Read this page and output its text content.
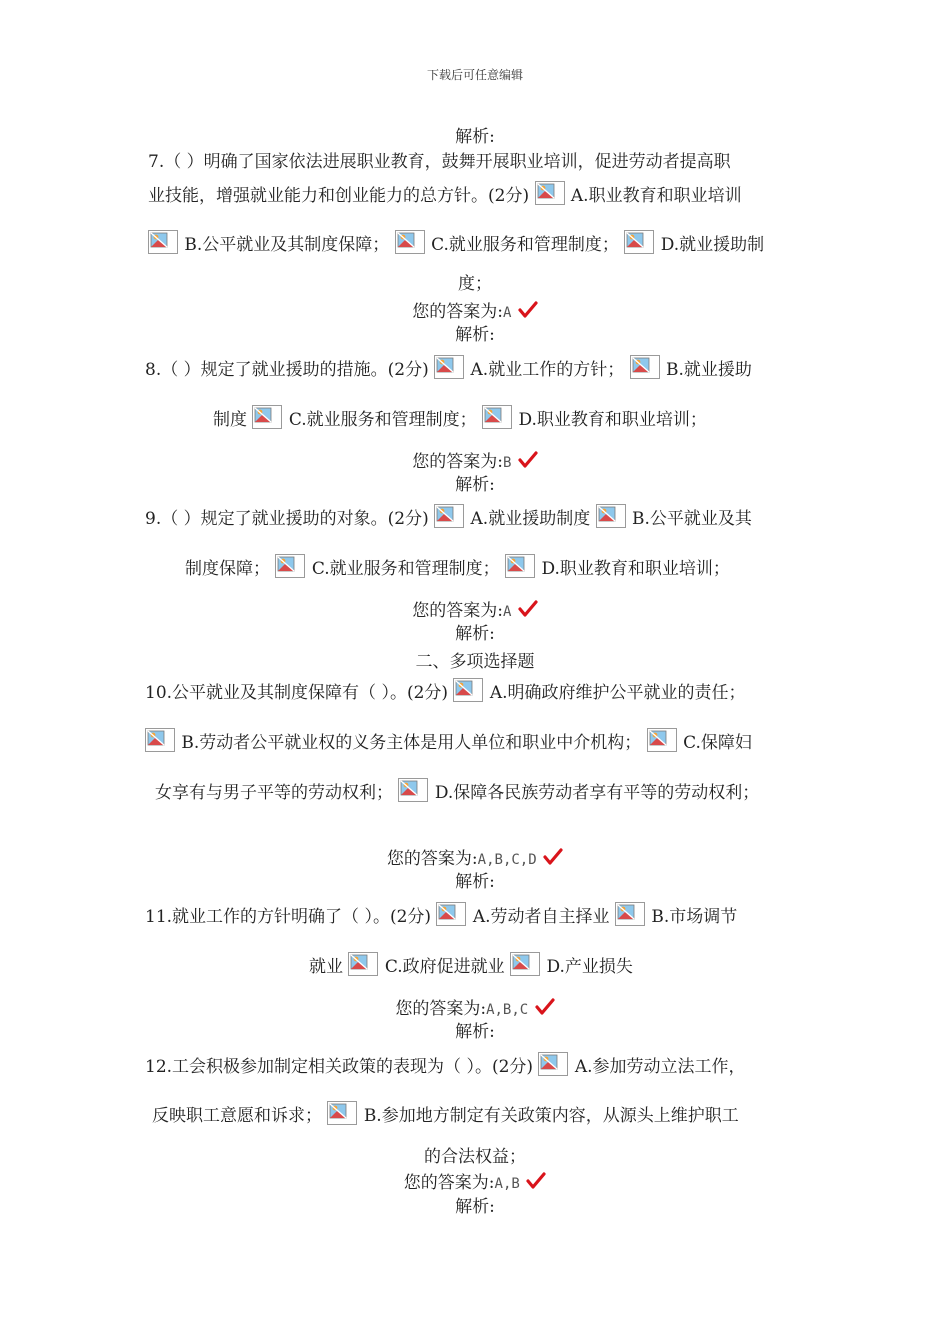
下载后可任意编辑
解析:
7.（ ）明确了国家依法进展职业教育，鼓舞开展职业培训，促进劳动者提高职
业技能，增强就业能力和创业能力的总方针。(2分) A.职业教育和职业培训
B.公平就业及其制度保障； C.就业服务和管理制度； D.就业援助制
度；
您的答案为:A
解析:
8.（ ）规定了就业援助的措施。(2分) A.就业工作的方针； B.就业援助
制度 C.就业服务和管理制度； D.职业教育和职业培训；
您的答案为:B
解析:
9.（ ）规定了就业援助的对象。(2分) A.就业援助制度 B.公平就业及其
制度保障； C.就业服务和管理制度； D.职业教育和职业培训；
您的答案为:A
解析:
二、多项选择题
10.公平就业及其制度保障有（ ）。(2分) A.明确政府维护公平就业的责任；
B.劳动者公平就业权的义务主体是用人单位和职业中介机构； C.保障妇
女享有与男子平等的劳动权利； D.保障各民族劳动者享有平等的劳动权利；
您的答案为:A,B,C,D
解析:
11.就业工作的方针明确了（ ）。(2分) A.劳动者自主择业 B.市场调节
就业 C.政府促进就业 D.产业损失
您的答案为:A,B,C
解析:
12.工会积极参加制定相关政策的表现为（ ）。(2分) A.参加劳动立法工作，
反映职工意愿和诉求； B.参加地方制定有关政策内容，从源头上维护职工
的合法权益；
您的答案为:A,B
解析:
